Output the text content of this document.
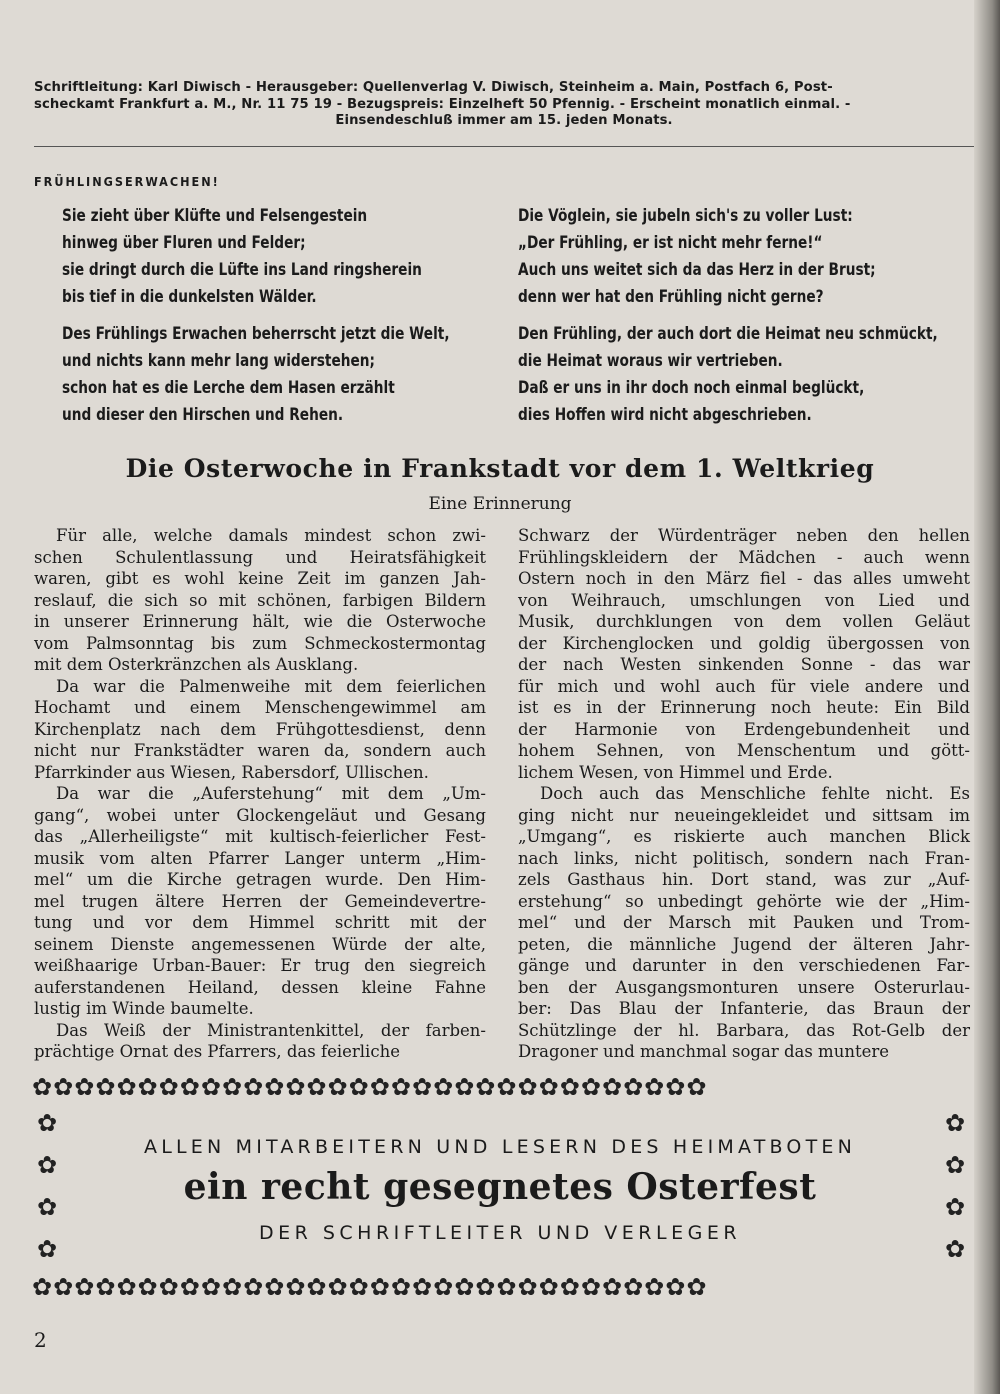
Schriftleitung: Karl Diwisch - Herausgeber: Quellenverlag V. Diwisch, Steinheim a. Main, Postfach 6, Post-
scheckamt Frankfurt a. M., Nr. 11 75 19 - Bezugspreis: Einzelheft 50 Pfennig. - Erscheint monatlich einmal. -
Einsendeschluß immer am 15. jeden Monats.
FRÜHLINGSERWACHEN!
Sie zieht über Klüfte und Felsengestein
hinweg über Fluren und Felder;
sie dringt durch die Lüfte ins Land ringsherein
bis tief in die dunkelsten Wälder.
Des Frühlings Erwachen beherrscht jetzt die Welt,
und nichts kann mehr lang widerstehen;
schon hat es die Lerche dem Hasen erzählt
und dieser den Hirschen und Rehen.
Die Vöglein, sie jubeln sich's zu voller Lust:
„Der Frühling, er ist nicht mehr ferne!“
Auch uns weitet sich da das Herz in der Brust;
denn wer hat den Frühling nicht gerne?
Den Frühling, der auch dort die Heimat neu schmückt,
die Heimat woraus wir vertrieben.
Daß er uns in ihr doch noch einmal beglückt,
dies Hoffen wird nicht abgeschrieben.
Die Osterwoche in Frankstadt vor dem 1. Weltkrieg
Eine Erinnerung
Für alle, welche damals mindest schon zwi-
schen Schulentlassung und Heiratsfähigkeit
waren, gibt es wohl keine Zeit im ganzen Jah-
reslauf, die sich so mit schönen, farbigen Bildern
in unserer Erinnerung hält, wie die Osterwoche
vom Palmsonntag bis zum Schmeckostermontag
mit dem Osterkränzchen als Ausklang.
Da war die Palmenweihe mit dem feierlichen
Hochamt und einem Menschengewimmel am
Kirchenplatz nach dem Frühgottesdienst, denn
nicht nur Frankstädter waren da, sondern auch
Pfarrkinder aus Wiesen, Rabersdorf, Ullischen.
Da war die „Auferstehung“ mit dem „Um-
gang“, wobei unter Glockengeläut und Gesang
das „Allerheiligste“ mit kultisch-feierlicher Fest-
musik vom alten Pfarrer Langer unterm „Him-
mel“ um die Kirche getragen wurde. Den Him-
mel trugen ältere Herren der Gemeindevertre-
tung und vor dem Himmel schritt mit der
seinem Dienste angemessenen Würde der alte,
weißhaarige Urban-Bauer: Er trug den siegreich
auferstandenen Heiland, dessen kleine Fahne
lustig im Winde baumelte.
Das Weiß der Ministrantenkittel, der farben-
prächtige Ornat des Pfarrers, das feierliche
Schwarz der Würdenträger neben den hellen
Frühlingskleidern der Mädchen - auch wenn
Ostern noch in den März fiel - das alles umweht
von Weihrauch, umschlungen von Lied und
Musik, durchklungen von dem vollen Geläut
der Kirchenglocken und goldig übergossen von
der nach Westen sinkenden Sonne - das war
für mich und wohl auch für viele andere und
ist es in der Erinnerung noch heute: Ein Bild
der Harmonie von Erdengebundenheit und
hohem Sehnen, von Menschentum und gött-
lichem Wesen, von Himmel und Erde.
Doch auch das Menschliche fehlte nicht. Es
ging nicht nur neueingekleidet und sittsam im
„Umgang“, es riskierte auch manchen Blick
nach links, nicht politisch, sondern nach Fran-
zels Gasthaus hin. Dort stand, was zur „Auf-
erstehung“ so unbedingt gehörte wie der „Him-
mel“ und der Marsch mit Pauken und Trom-
peten, die männliche Jugend der älteren Jahr-
gänge und darunter in den verschiedenen Far-
ben der Ausgangsmonturen unsere Osterurlau-
ber: Das Blau der Infanterie, das Braun der
Schützlinge der hl. Barbara, das Rot-Gelb der
Dragoner und manchmal sogar das muntere
✿✿✿✿✿✿✿✿✿✿✿✿✿✿✿✿✿✿✿✿✿✿✿✿✿✿✿✿✿✿✿✿
✿✿✿✿✿✿✿✿✿✿✿✿✿✿✿✿✿✿✿✿✿✿✿✿✿✿✿✿✿✿✿✿
✿
✿
✿
✿
✿
✿
✿
✿
ALLEN MITARBEITERN UND LESERN DES HEIMATBOTEN
ein recht gesegnetes Osterfest
DER SCHRIFTLEITER UND VERLEGER
2
